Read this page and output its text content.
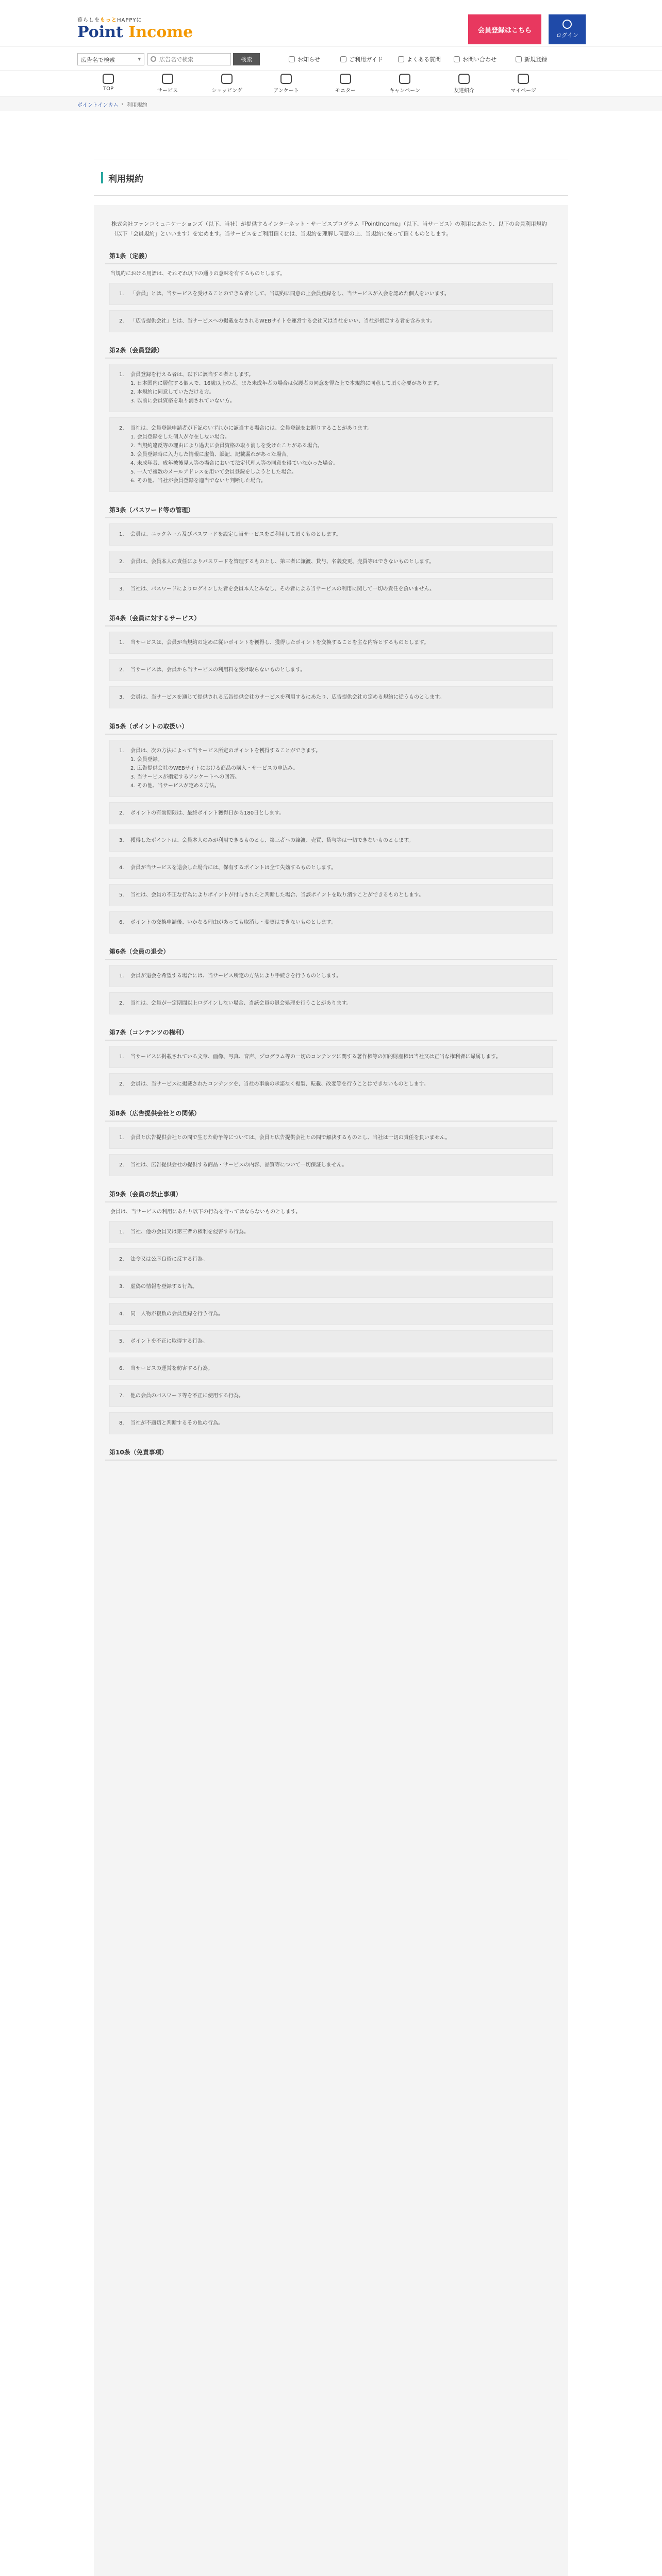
暮らしをもっとHAPPYに
Point Income	会員登録はこちら
ログイン
広告名で検索 ▾
広告名で検索	検索	お知らせ	ご利用ガイド	よくある質問	お問い合わせ	新規登録
TOP	サービス	ショッピング	アンケート	モニター	キャンペーン	友達紹介	マイページ
ポイントインカム › 利用規約
利用規約

株式会社ファンコミュニケーションズ（以下、当社）が提供するインターネット・サービスプログラム『PointIncome』（以下、当サービス）の利用にあたり、以下の会員利用規約（以下「会員規約」といいます）を定めます。当サービスをご利用頂くには、当規約を理解し同意の上、当規約に従って頂くものとします。

第1条（定義）

当規約における用語は、それぞれ以下の通りの意味を有するものとします。

1. 「会員」とは、当サービスを受けることのできる者として、当規約に同意の上会員登録をし、当サービスが入会を認めた個人をいいます。
2. 「広告提供会社」とは、当サービスへの掲載をなされるWEBサイトを運営する会社又は当社をいい、当社が指定する者を含みます。
第2条（会員登録）
1. 会員登録を行える者は、以下に該当する者とします。
1. 日本国内に居住する個人で、16歳以上の者。また未成年者の場合は保護者の同意を得た上で本規約に同意して頂く必要があります。
2. 本規約に同意していただける方。
3. 以前に会員資格を取り消されていない方。
2. 当社は、会員登録申請者が下記のいずれかに該当する場合には、会員登録をお断りすることがあります。
1. 会員登録をした個人が存在しない場合。
2. 当規約違反等の理由により過去に会員資格の取り消しを受けたことがある場合。
3. 会員登録時に入力した情報に虚偽、誤記、記載漏れがあった場合。
4. 未成年者、成年被後見人等の場合において法定代理人等の同意を得ていなかった場合。
5. 一人で複数のメールアドレスを用いて会員登録をしようとした場合。
6. その他、当社が会員登録を適当でないと判断した場合。
第3条（パスワード等の管理）
1. 会員は、ニックネーム及びパスワードを設定し当サービスをご利用して頂くものとします。
2. 会員は、会員本人の責任によりパスワードを管理するものとし、第三者に譲渡、貸与、名義変更、売買等はできないものとします。
3. 当社は、パスワードによりログインした者を会員本人とみなし、その者による当サービスの利用に関して一切の責任を負いません。
第4条（会員に対するサービス）
1. 当サービスは、会員が当規約の定めに従いポイントを獲得し、獲得したポイントを交換することを主な内容とするものとします。
2. 当サービスは、会員から当サービスの利用料を受け取らないものとします。
3. 会員は、当サービスを通じて提供される広告提供会社のサービスを利用するにあたり、広告提供会社の定める規約に従うものとします。
第5条（ポイントの取扱い）
1. 会員は、次の方法によって当サービス所定のポイントを獲得することができます。
1. 会員登録。
2. 広告提供会社のWEBサイトにおける商品の購入・サービスの申込み。
3. 当サービスが指定するアンケートへの回答。
4. その他、当サービスが定める方法。
2. ポイントの有効期限は、最終ポイント獲得日から180日とします。
3. 獲得したポイントは、会員本人のみが利用できるものとし、第三者への譲渡、売買、貸与等は一切できないものとします。
4. 会員が当サービスを退会した場合には、保有するポイントは全て失効するものとします。
5. 当社は、会員の不正な行為によりポイントが付与されたと判断した場合、当該ポイントを取り消すことができるものとします。
6. ポイントの交換申請後、いかなる理由があっても取消し・変更はできないものとします。
第6条（会員の退会）
1. 会員が退会を希望する場合には、当サービス所定の方法により手続きを行うものとします。
2. 当社は、会員が一定期間以上ログインしない場合、当該会員の退会処理を行うことがあります。
第7条（コンテンツの権利）
1. 当サービスに掲載されている文章、画像、写真、音声、プログラム等の一切のコンテンツに関する著作権等の知的財産権は当社又は正当な権利者に帰属します。
2. 会員は、当サービスに掲載されたコンテンツを、当社の事前の承諾なく複製、転載、改変等を行うことはできないものとします。
第8条（広告提供会社との関係）
1. 会員と広告提供会社との間で生じた紛争等については、会員と広告提供会社との間で解決するものとし、当社は一切の責任を負いません。
2. 当社は、広告提供会社の提供する商品・サービスの内容、品質等について一切保証しません。
第9条（会員の禁止事項）

会員は、当サービスの利用にあたり以下の行為を行ってはならないものとします。

1. 当社、他の会員又は第三者の権利を侵害する行為。
2. 法令又は公序良俗に反する行為。
3. 虚偽の情報を登録する行為。
4. 同一人物が複数の会員登録を行う行為。
5. ポイントを不正に取得する行為。
6. 当サービスの運営を妨害する行為。
7. 他の会員のパスワード等を不正に使用する行為。
8. 当社が不適切と判断するその他の行為。
第10条（免責事項）
